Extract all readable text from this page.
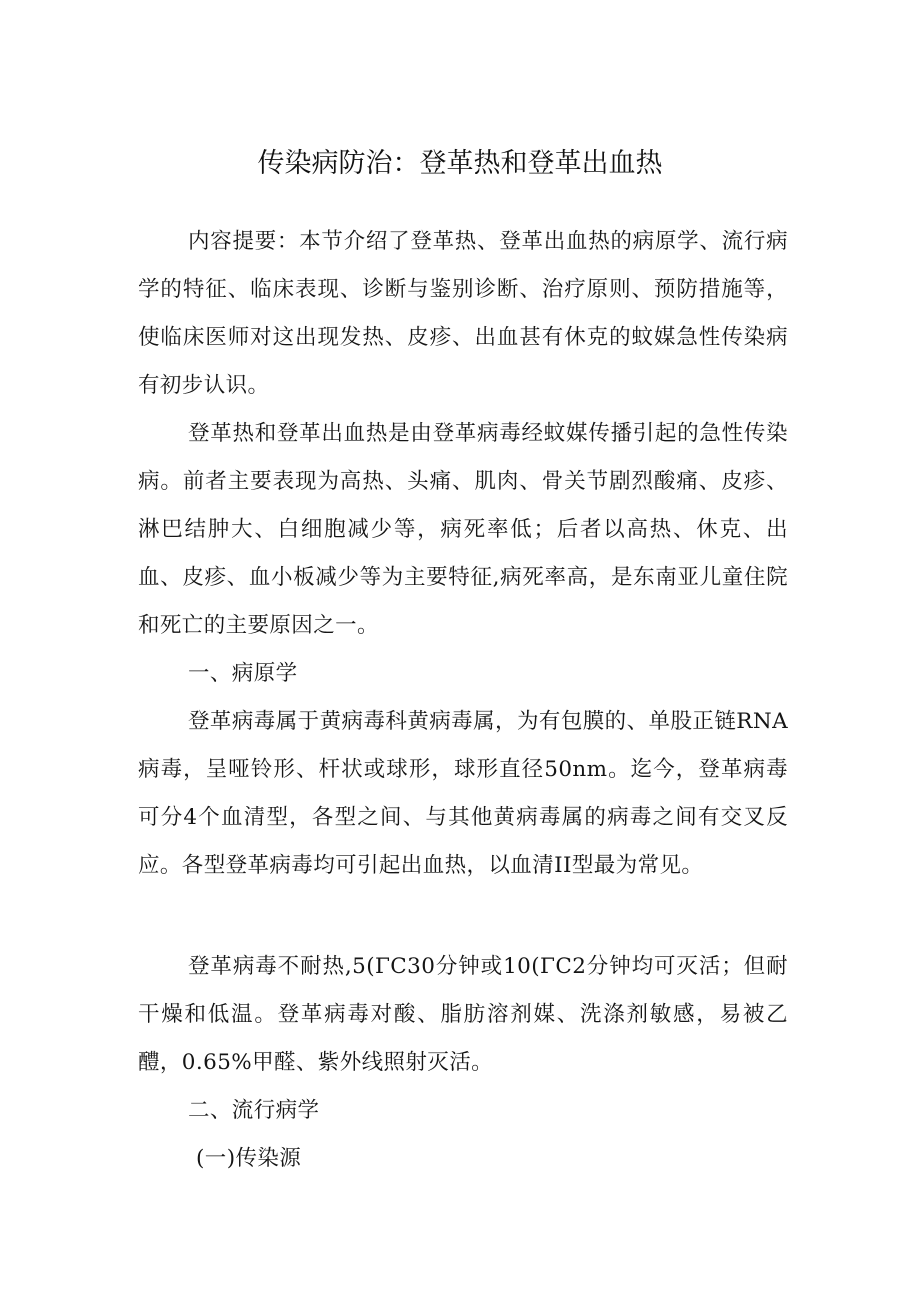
传染病防治：登革热和登革出血热

内容提要：本节介绍了登革热、登革出血热的病原学、流行病学的特征、临床表现、诊断与鉴别诊断、治疗原则、预防措施等，使临床医师对这出现发热、皮疹、出血甚有休克的蚊媒急性传染病有初步认识。

登革热和登革出血热是由登革病毒经蚊媒传播引起的急性传染病。前者主要表现为高热、头痛、肌肉、骨关节剧烈酸痛、皮疹、淋巴结肿大、白细胞减少等，病死率低；后者以高热、休克、出血、皮疹、血小板减少等为主要特征,病死率高，是东南亚儿童住院和死亡的主要原因之一。

一、病原学

登革病毒属于黄病毒科黄病毒属，为有包膜的、单股正链RNA病毒，呈哑铃形、杆状或球形，球形直径50nm。迄今，登革病毒可分4个血清型，各型之间、与其他黄病毒属的病毒之间有交叉反应。各型登革病毒均可引起出血热，以血清II型最为常见。

登革病毒不耐热,5(ΓC30分钟或10(ΓC2分钟均可灭活；但耐干燥和低温。登革病毒对酸、脂肪溶剂媒、洗涤剂敏感，易被乙醴，0.65%甲醛、紫外线照射灭活。

二、流行病学

(一)传染源
